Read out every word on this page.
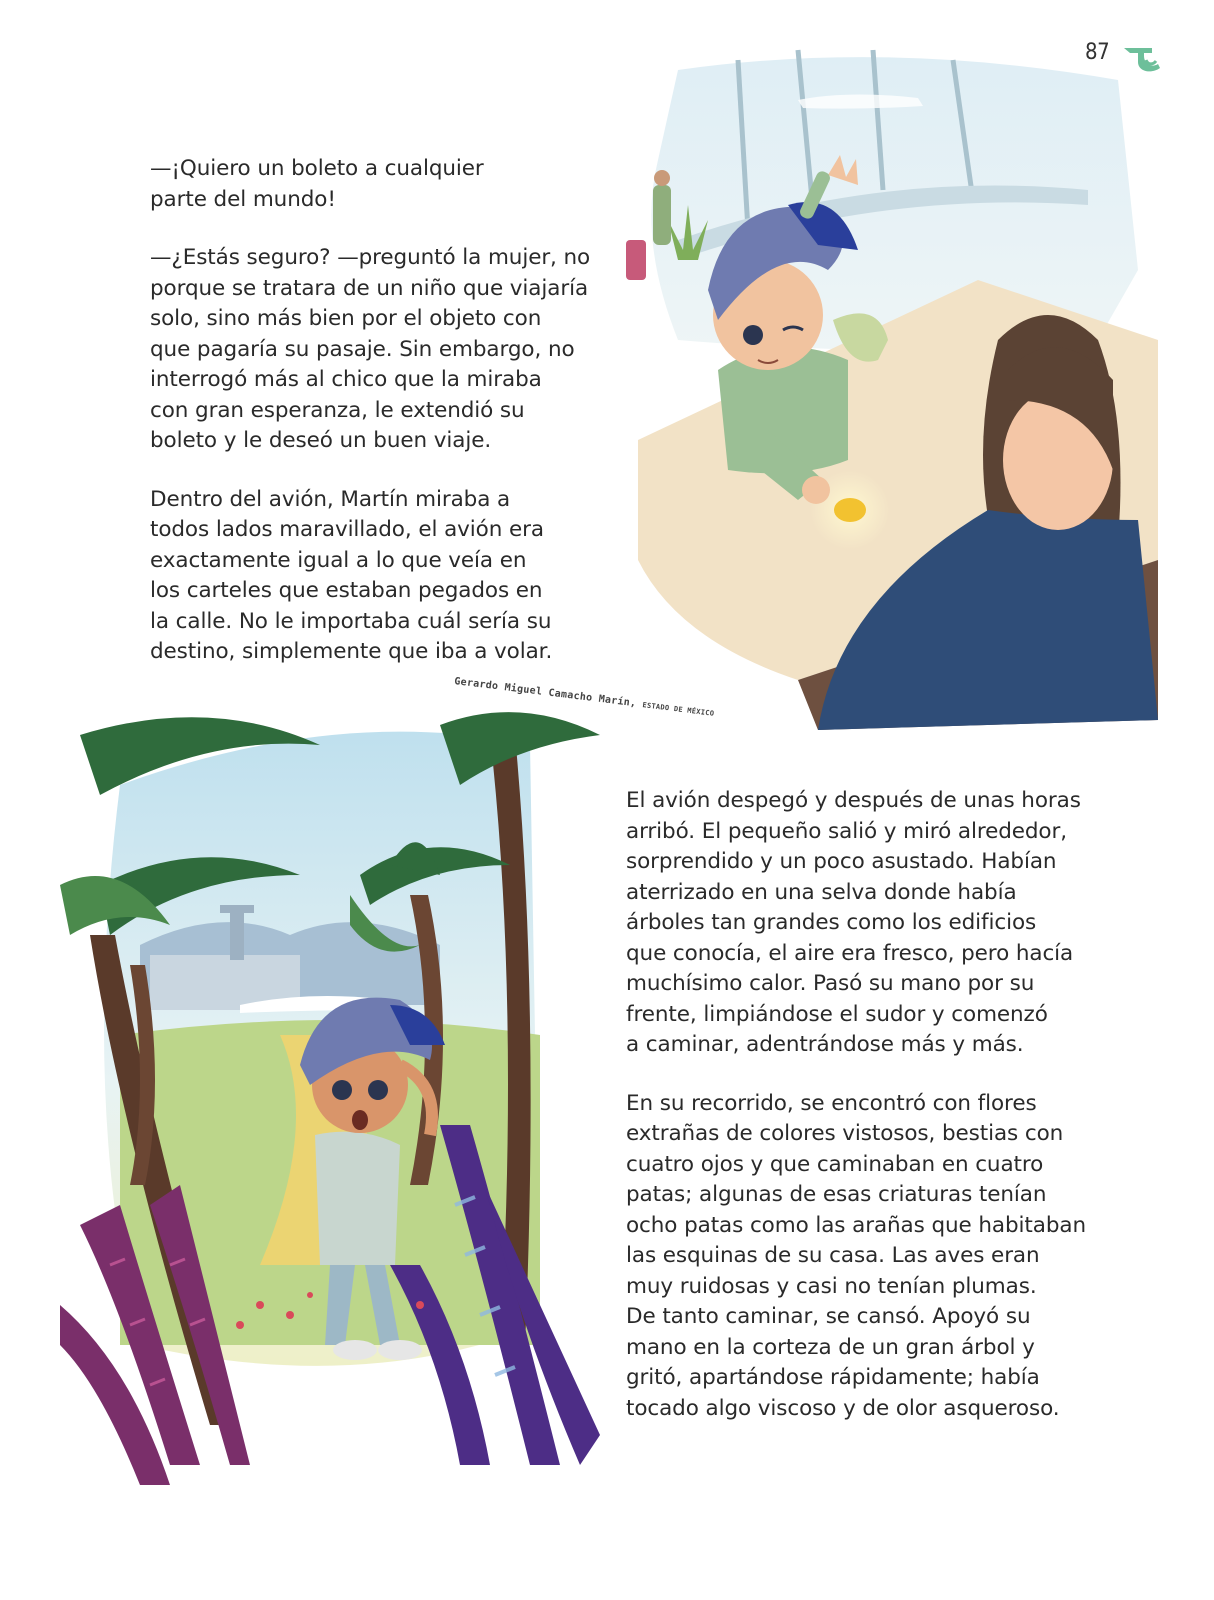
87

—¡Quiero un boleto a cualquier
parte del mundo!

—¿Estás seguro? —preguntó la mujer, no
porque se tratara de un niño que viajaría
solo, sino más bien por el objeto con
que pagaría su pasaje. Sin embargo, no
interrogó más al chico que la miraba
con gran esperanza, le extendió su
boleto y le deseó un buen viaje.

Dentro del avión, Martín miraba a
todos lados maravillado, el avión era
exactamente igual a lo que veía en
los carteles que estaban pegados en
la calle. No le importaba cuál sería su
destino, simplemente que iba a volar.

Gerardo Miguel Camacho Marín, ESTADO DE MÉXICO

El avión despegó y después de unas horas
arribó. El pequeño salió y miró alrededor,
sorprendido y un poco asustado. Habían
aterrizado en una selva donde había
árboles tan grandes como los edificios
que conocía, el aire era fresco, pero hacía
muchísimo calor. Pasó su mano por su
frente, limpiándose el sudor y comenzó
a caminar, adentrándose más y más.

En su recorrido, se encontró con flores
extrañas de colores vistosos, bestias con
cuatro ojos y que caminaban en cuatro
patas; algunas de esas criaturas tenían
ocho patas como las arañas que habitaban
las esquinas de su casa. Las aves eran
muy ruidosas y casi no tenían plumas.
De tanto caminar, se cansó. Apoyó su
mano en la corteza de un gran árbol y
gritó, apartándose rápidamente; había
tocado algo viscoso y de olor asqueroso.
